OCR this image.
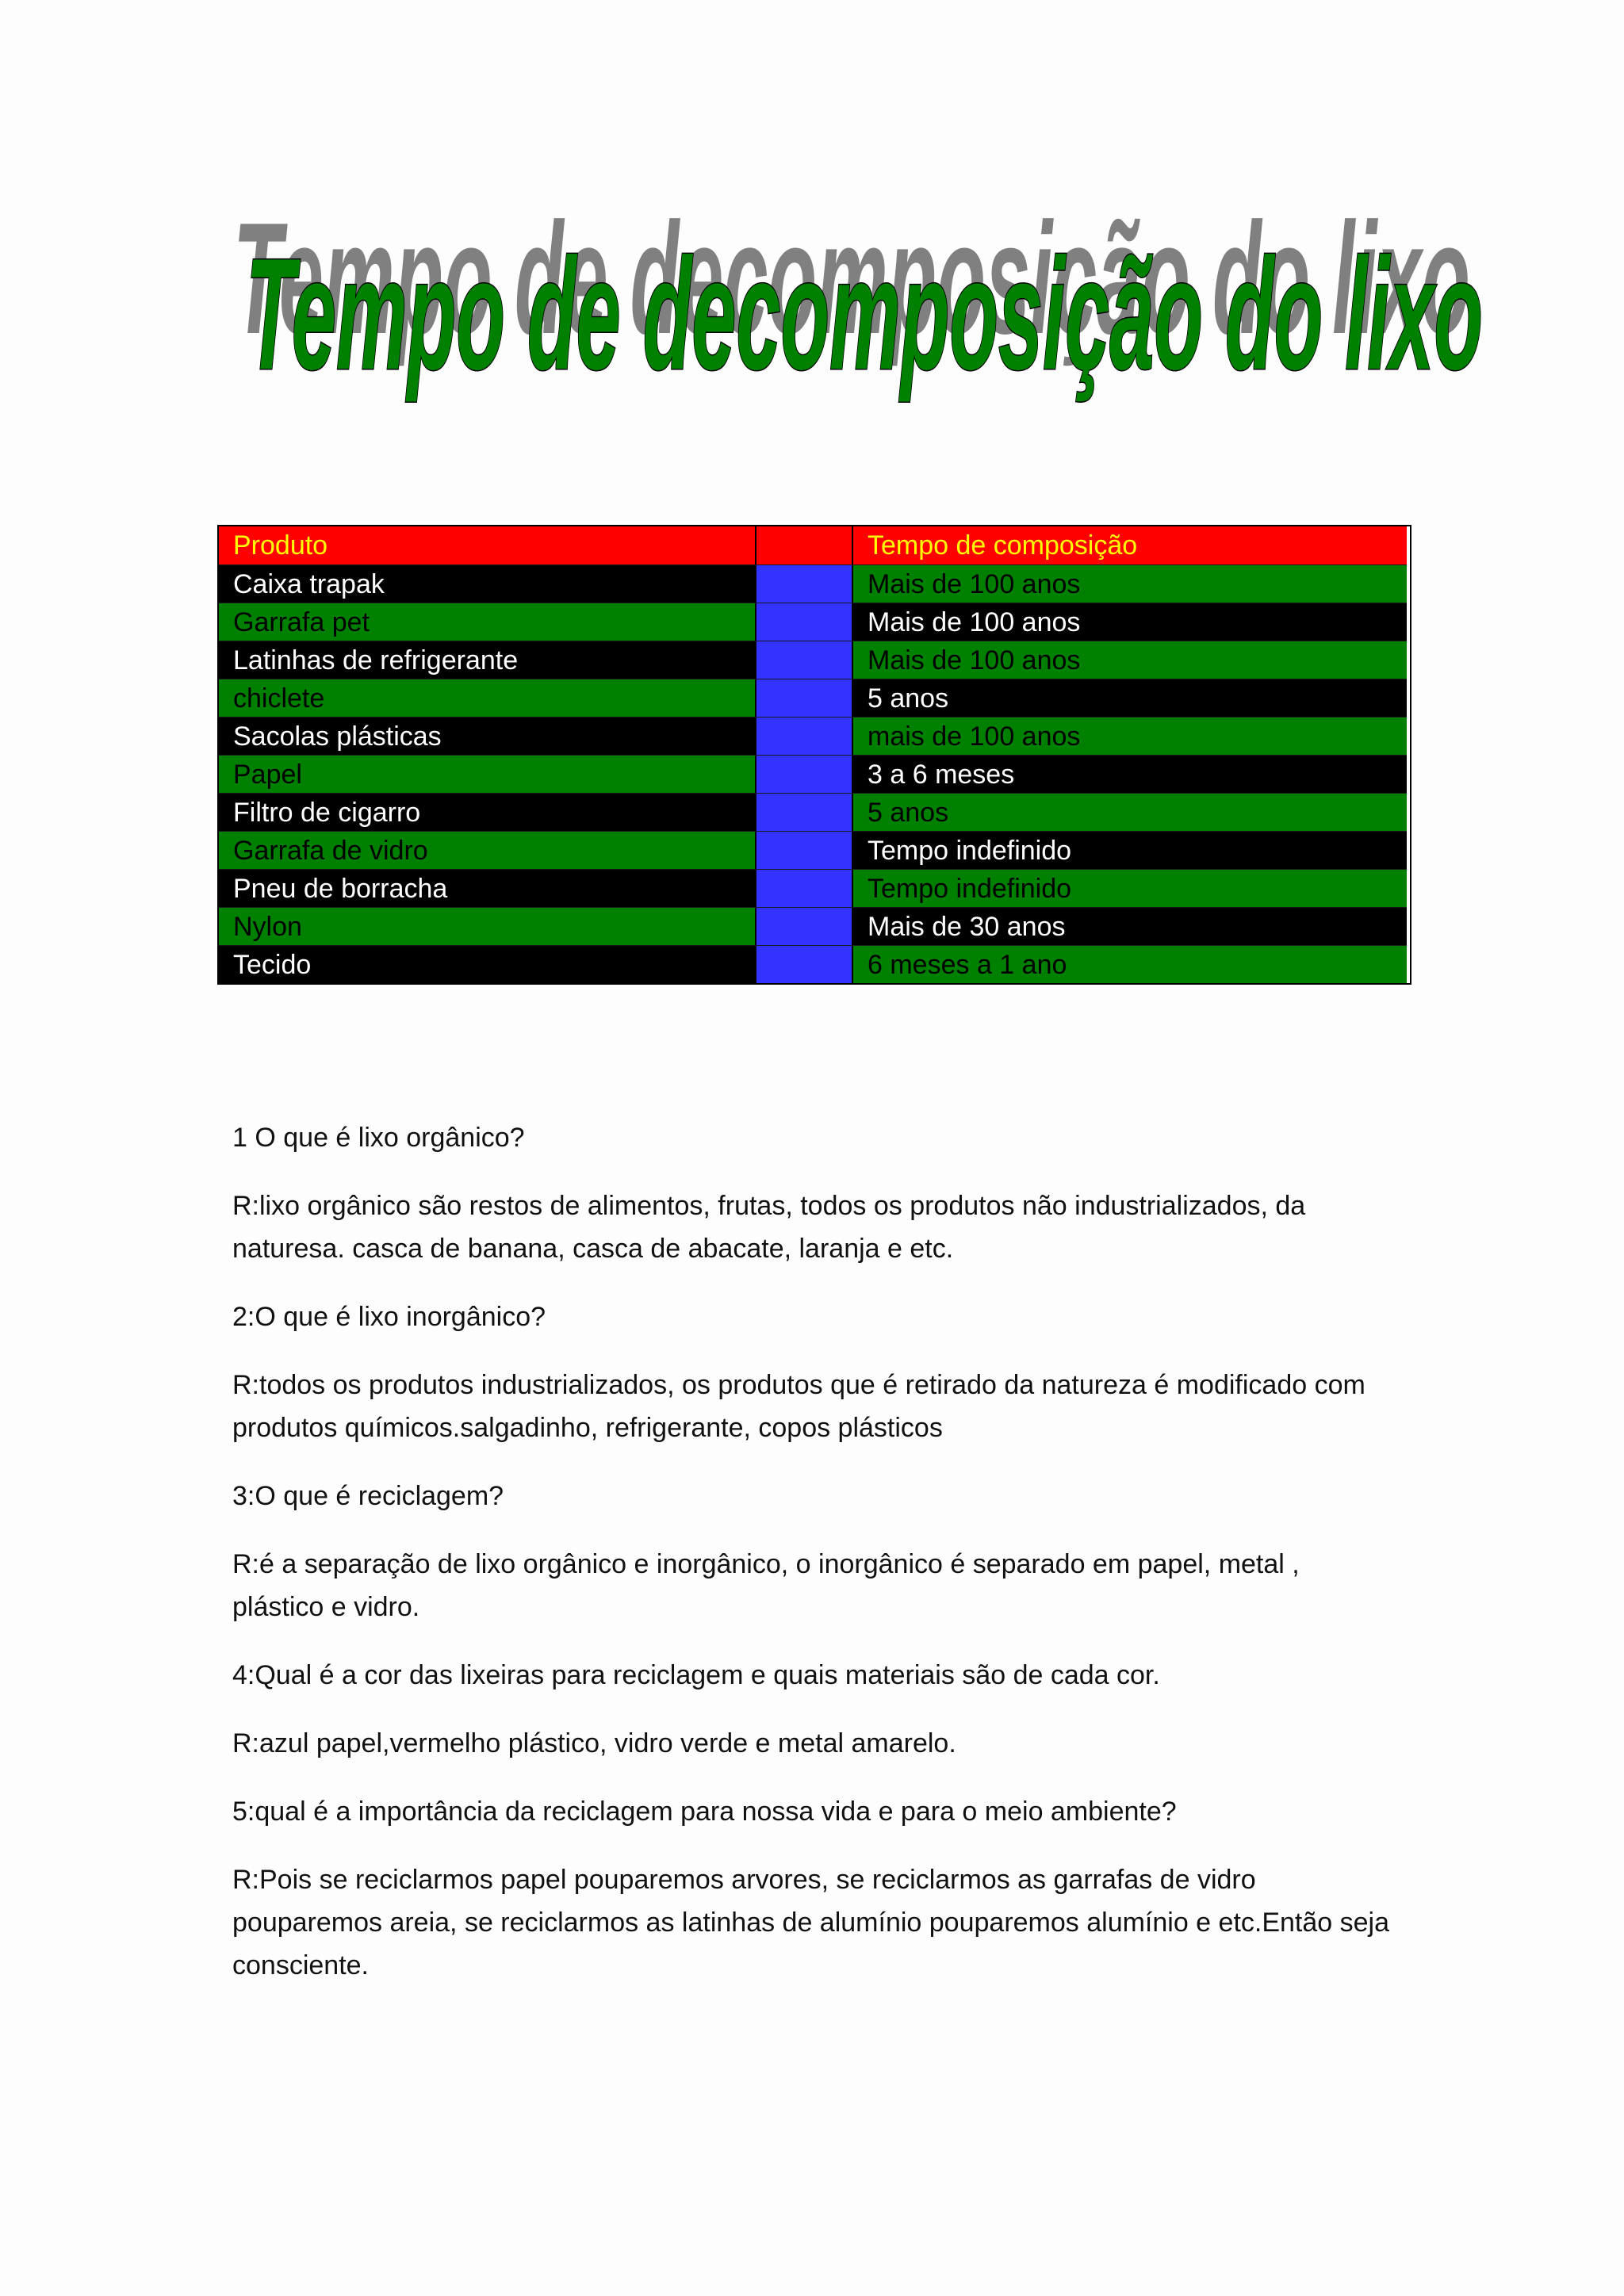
Tempo de decomposição do lixo
Tempo de decomposição do lixo
Produto	Tempo de composição
Caixa trapak	Mais de 100 anos
Garrafa pet	Mais de 100 anos
Latinhas de refrigerante	Mais de 100 anos
chiclete	5 anos
Sacolas plásticas	mais de 100 anos
Papel	3 a 6 meses
Filtro de cigarro	5 anos
Garrafa de vidro	Tempo indefinido
Pneu de borracha	Tempo indefinido
Nylon	Mais de 30 anos
Tecido	6 meses a 1 ano

1 O que é lixo orgânico?

R:lixo orgânico são restos de alimentos, frutas, todos os produtos não industrializados, da naturesa. casca de banana, casca de abacate, laranja e etc.

2:O que é lixo inorgânico?

R:todos os produtos industrializados, os produtos que é retirado da natureza é modificado com produtos químicos.salgadinho, refrigerante, copos plásticos

3:O que é reciclagem?

R:é a separação de lixo orgânico e inorgânico, o inorgânico é separado em papel, metal , plástico e vidro.

4:Qual é a cor das lixeiras para reciclagem e quais materiais são de cada cor.

R:azul papel,vermelho plástico, vidro verde e metal amarelo.

5:qual é a importância da reciclagem para nossa vida e para o meio ambiente?

R:Pois se reciclarmos papel pouparemos arvores, se reciclarmos as garrafas de vidro pouparemos areia, se reciclarmos as latinhas de alumínio pouparemos alumínio e etc.Então seja consciente.
